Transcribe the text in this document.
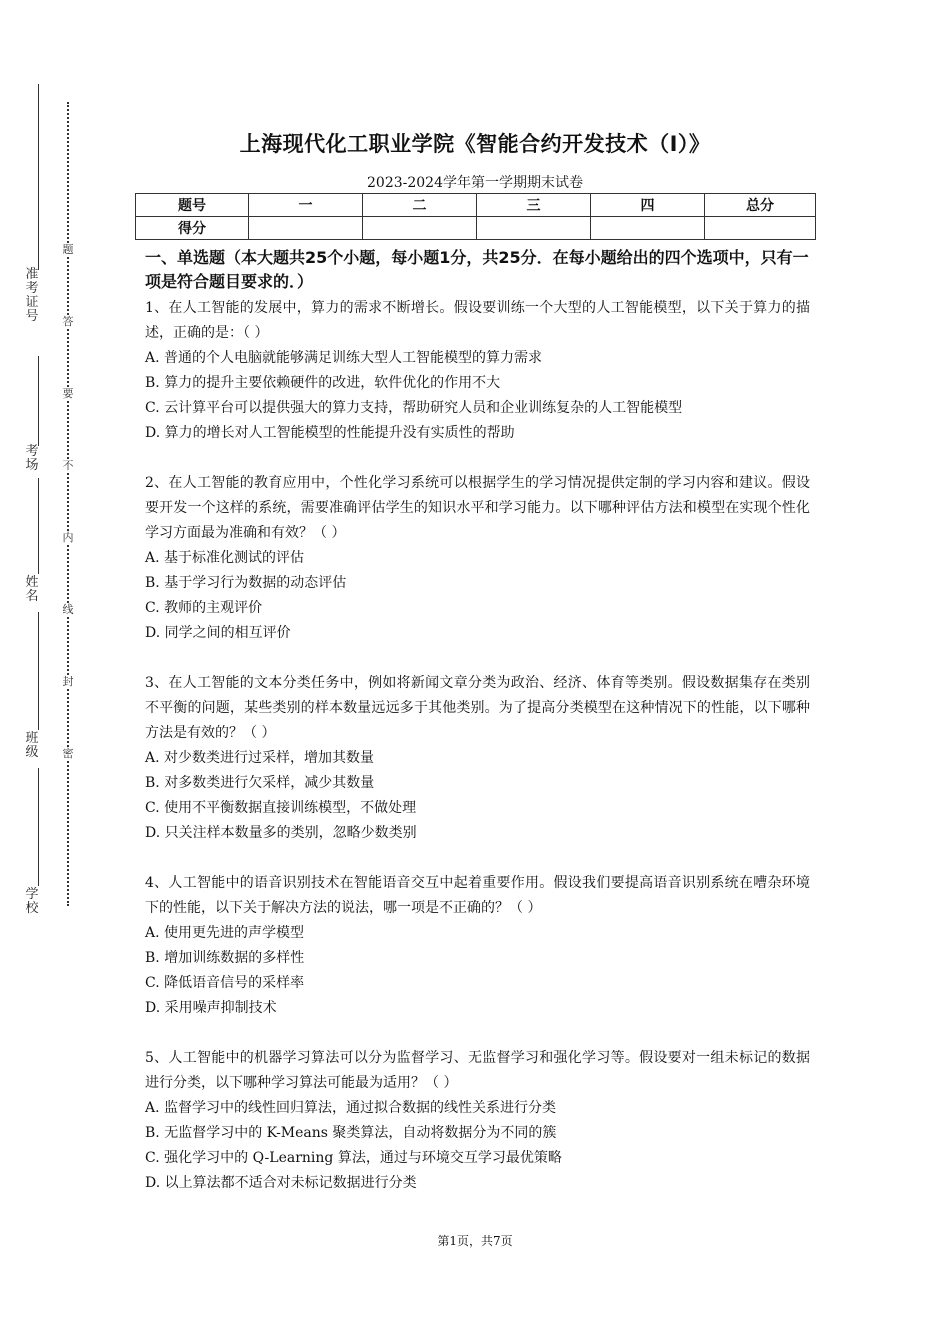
准
考
证
号
考
场
姓
名
班
级
学
校
题
答
要
不
内
线
封
密
上海现代化工职业学院《智能合约开发技术（I）》
2023-2024学年第一学期期末试卷
题号	一	二	三	四	总分
得分					
一、单选题（本大题共25个小题，每小题1分，共25分．在每小题给出的四个选项中，只有一项是符合题目要求的．）
1、在人工智能的发展中，算力的需求不断增长。假设要训练一个大型的人工智能模型，以下关于算力的描述，正确的是：（ ）
A. 普通的个人电脑就能够满足训练大型人工智能模型的算力需求
B. 算力的提升主要依赖硬件的改进，软件优化的作用不大
C. 云计算平台可以提供强大的算力支持，帮助研究人员和企业训练复杂的人工智能模型
D. 算力的增长对人工智能模型的性能提升没有实质性的帮助
2、在人工智能的教育应用中，个性化学习系统可以根据学生的学习情况提供定制的学习内容和建议。假设要开发一个这样的系统，需要准确评估学生的知识水平和学习能力。以下哪种评估方法和模型在实现个性化学习方面最为准确和有效？（ ）
A. 基于标准化测试的评估
B. 基于学习行为数据的动态评估
C. 教师的主观评价
D. 同学之间的相互评价
3、在人工智能的文本分类任务中，例如将新闻文章分类为政治、经济、体育等类别。假设数据集存在类别不平衡的问题，某些类别的样本数量远远多于其他类别。为了提高分类模型在这种情况下的性能，以下哪种方法是有效的？（ ）
A. 对少数类进行过采样，增加其数量
B. 对多数类进行欠采样，减少其数量
C. 使用不平衡数据直接训练模型，不做处理
D. 只关注样本数量多的类别，忽略少数类别
4、人工智能中的语音识别技术在智能语音交互中起着重要作用。假设我们要提高语音识别系统在嘈杂环境下的性能，以下关于解决方法的说法，哪一项是不正确的？（ ）
A. 使用更先进的声学模型
B. 增加训练数据的多样性
C. 降低语音信号的采样率
D. 采用噪声抑制技术
5、人工智能中的机器学习算法可以分为监督学习、无监督学习和强化学习等。假设要对一组未标记的数据进行分类，以下哪种学习算法可能最为适用？（ ）
A. 监督学习中的线性回归算法，通过拟合数据的线性关系进行分类
B. 无监督学习中的 K-Means 聚类算法，自动将数据分为不同的簇
C. 强化学习中的 Q-Learning 算法，通过与环境交互学习最优策略
D. 以上算法都不适合对未标记数据进行分类
第1页，共7页
